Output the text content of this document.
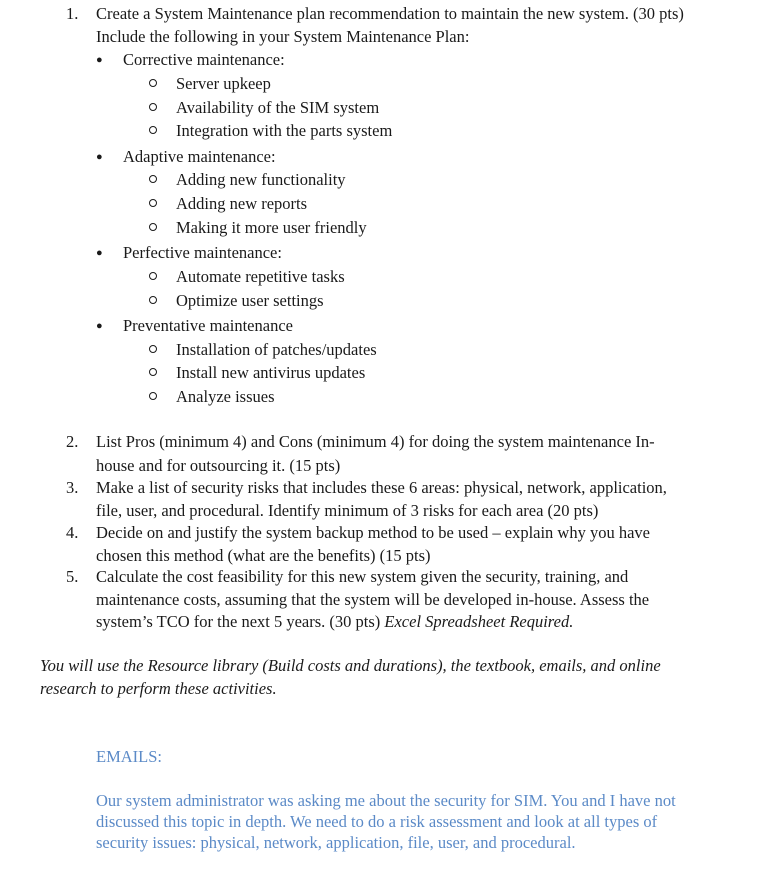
1. Create a System Maintenance plan recommendation to maintain the new system. (30 pts)
Include the following in your System Maintenance Plan:
● Corrective maintenance:
Server upkeep
Availability of the SIM system
Integration with the parts system
● Adaptive maintenance:
Adding new functionality
Adding new reports
Making it more user friendly
● Perfective maintenance:
Automate repetitive tasks
Optimize user settings
● Preventative maintenance
Installation of patches/updates
Install new antivirus updates
Analyze issues
2. List Pros (minimum 4) and Cons (minimum 4) for doing the system maintenance In-
house and for outsourcing it. (15 pts)
3. Make a list of security risks that includes these 6 areas: physical, network, application,
file, user, and procedural. Identify minimum of 3 risks for each area (20 pts)
4. Decide on and justify the system backup method to be used – explain why you have
chosen this method (what are the benefits) (15 pts)
5. Calculate the cost feasibility for this new system given the security, training, and
maintenance costs, assuming that the system will be developed in-house. Assess the
system’s TCO for the next 5 years. (30 pts) Excel Spreadsheet Required.
You will use the Resource library (Build costs and durations), the textbook, emails, and online
research to perform these activities.
EMAILS:
Our system administrator was asking me about the security for SIM. You and I have not
discussed this topic in depth. We need to do a risk assessment and look at all types of
security issues: physical, network, application, file, user, and procedural.
